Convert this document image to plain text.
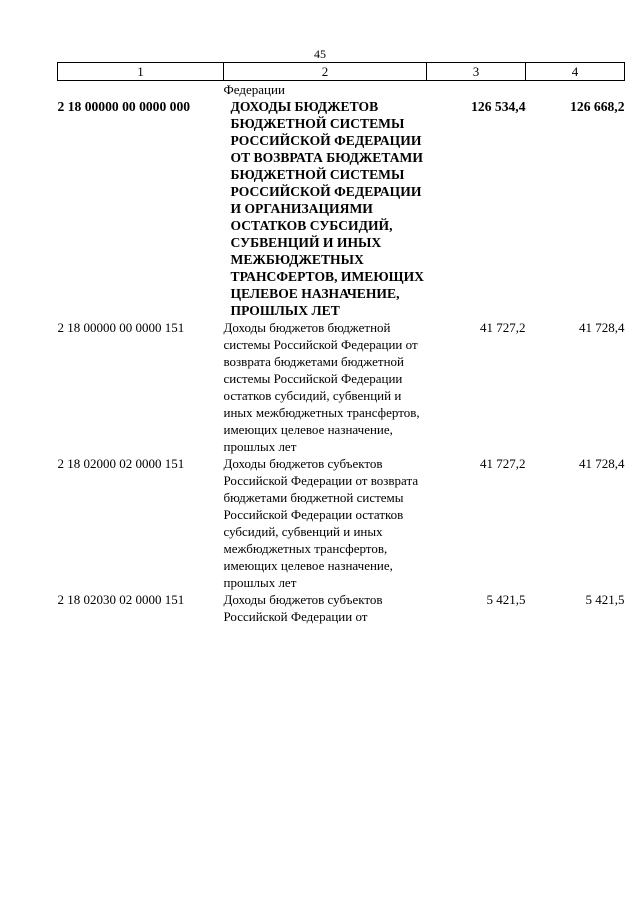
45
1	2	3	4
	Федерации		
2 18 00000 00 0000 000	ДОХОДЫ БЮДЖЕТОВ БЮДЖЕТНОЙ СИСТЕМЫ РОССИЙСКОЙ ФЕДЕРАЦИИ ОТ ВОЗВРАТА БЮДЖЕТАМИ БЮДЖЕТНОЙ СИСТЕМЫ РОССИЙСКОЙ ФЕДЕРАЦИИ И ОРГАНИЗАЦИЯМИ ОСТАТКОВ СУБСИДИЙ, СУБВЕНЦИЙ И ИНЫХ МЕЖБЮДЖЕТНЫХ ТРАНСФЕРТОВ, ИМЕЮЩИХ ЦЕЛЕВОЕ НАЗНАЧЕНИЕ, ПРОШЛЫХ ЛЕТ	126 534,4	126 668,2
2 18 00000 00 0000 151	Доходы бюджетов бюджетной системы Российской Федерации от возврата бюджетами бюджетной системы Российской Федерации остатков субсидий, субвенций и иных межбюджетных трансфертов, имеющих целевое назначение, прошлых лет	41 727,2	41 728,4
2 18 02000 02 0000 151	Доходы бюджетов субъектов Российской Федерации от возврата бюджетами бюджетной системы Российской Федерации остатков субсидий, субвенций и иных межбюджетных трансфертов, имеющих целевое назначение, прошлых лет	41 727,2	41 728,4
2 18 02030 02 0000 151	Доходы бюджетов субъектов Российской Федерации от	5 421,5	5 421,5
